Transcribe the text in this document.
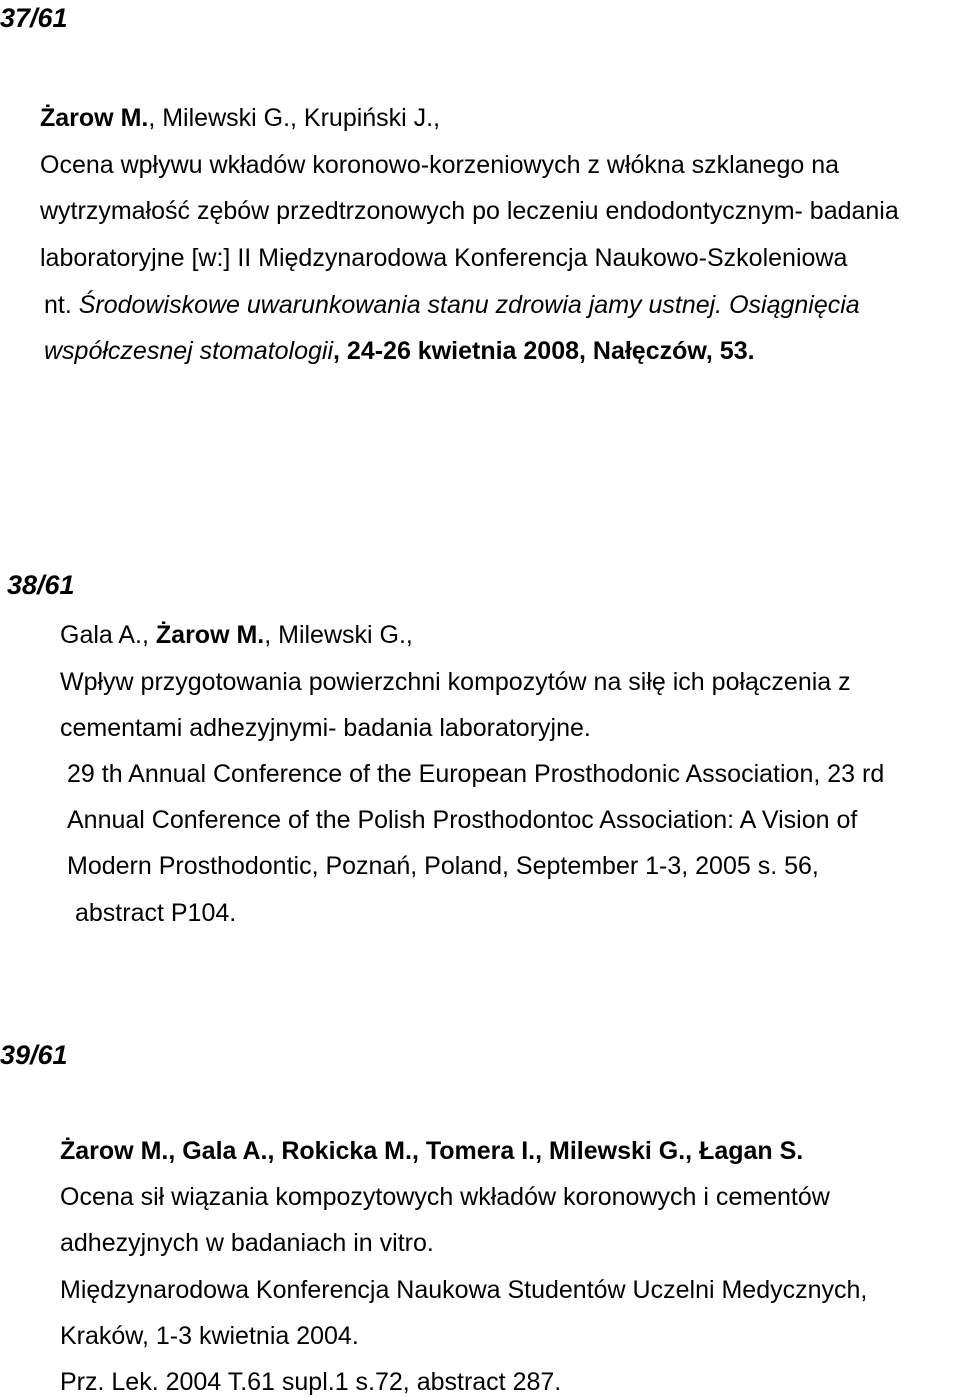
37/61
Żarow M., Milewski G., Krupiński J.,
Ocena wpływu wkładów koronowo-korzeniowych z włókna szklanego na
wytrzymałość zębów przedtrzonowych po leczeniu endodontycznym- badania
laboratoryjne [w:] II Międzynarodowa Konferencja Naukowo-Szkoleniowa
nt. Środowiskowe uwarunkowania stanu zdrowia jamy ustnej. Osiągnięcia
współczesnej stomatologii, 24-26 kwietnia 2008, Nałęczów, 53.
38/61
Gala A., Żarow M., Milewski G.,
Wpływ przygotowania powierzchni kompozytów na siłę ich połączenia z
cementami adhezyjnymi- badania laboratoryjne.
29 th Annual Conference of the European Prosthodonic Association, 23 rd
Annual Conference of the Polish Prosthodontoc Association: A Vision of
Modern Prosthodontic, Poznań, Poland, September 1-3, 2005 s. 56,
abstract P104.
39/61
Żarow M., Gala A., Rokicka M., Tomera I., Milewski G., Łagan S.
Ocena sił wiązania kompozytowych wkładów koronowych i cementów
adhezyjnych w badaniach in vitro.
Międzynarodowa Konferencja Naukowa Studentów Uczelni Medycznych,
Kraków, 1-3 kwietnia 2004.
Prz. Lek. 2004 T.61 supl.1 s.72, abstract 287.
